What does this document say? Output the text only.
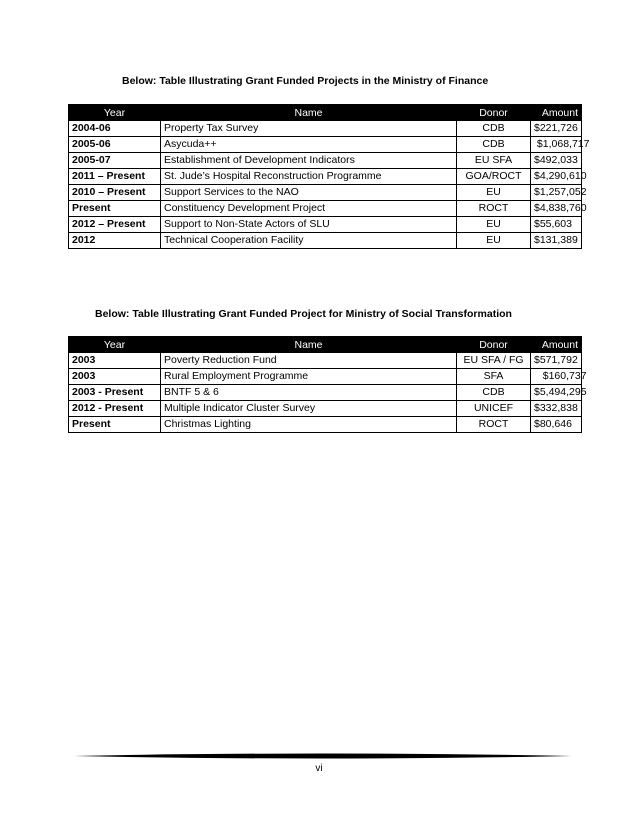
Below: Table Illustrating Grant Funded Projects in the Ministry of Finance
Year	Name	Donor	Amount
2004-06	Property Tax Survey	CDB	$221,726
2005-06	Asycuda++	CDB	$1,068,717
2005-07	Establishment of Development Indicators	EU SFA	$492,033
2011 – Present	St. Jude’s Hospital Reconstruction Programme	GOA/ROCT	$4,290,610
2010 – Present	Support Services to the NAO	EU	$1,257,052
Present	Constituency Development Project	ROCT	$4,838,760
2012 – Present	Support to Non-State Actors of SLU	EU	$55,603
2012	Technical Cooperation Facility	EU	$131,389
Below: Table Illustrating Grant Funded Project for Ministry of Social Transformation
Year	Name	Donor	Amount
2003	Poverty Reduction Fund	EU SFA / FG	$571,792
2003	Rural Employment Programme	SFA	$160,737
2003 - Present	BNTF 5 & 6	CDB	$5,494,295
2012 - Present	Multiple Indicator Cluster Survey	UNICEF	$332,838
Present	Christmas Lighting	ROCT	$80,646
vi
